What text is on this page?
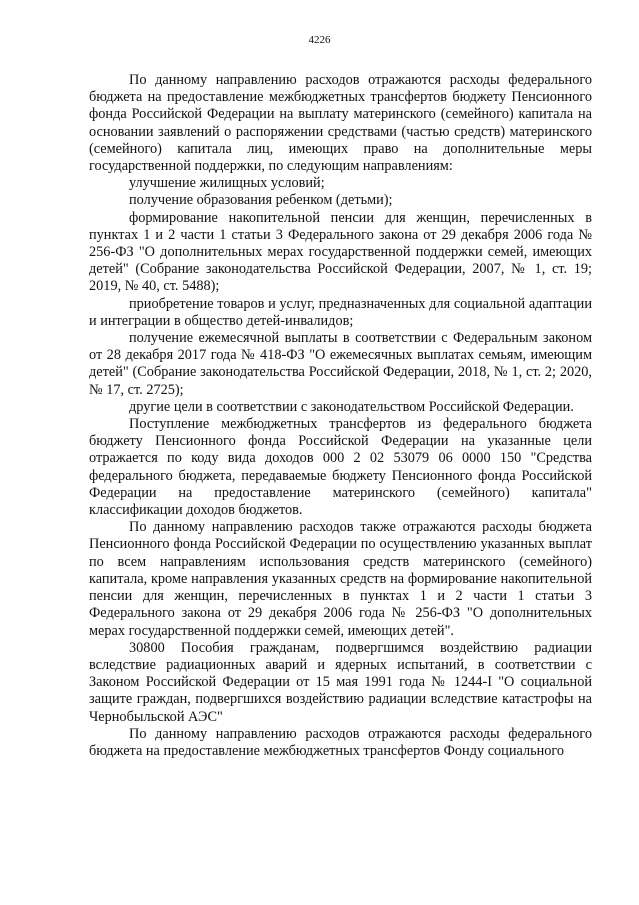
4226

По данному направлению расходов отражаются расходы федерального бюджета на предоставление межбюджетных трансфертов бюджету Пенсионного фонда Российской Федерации на выплату материнского (семейного) капитала на основании заявлений о распоряжении средствами (частью средств) материнского (семейного) капитала лиц, имеющих право на дополнительные меры государственной поддержки, по следующим направлениям:

улучшение жилищных условий;

получение образования ребенком (детьми);

формирование накопительной пенсии для женщин, перечисленных в пунктах 1 и 2 части 1 статьи 3 Федерального закона от 29 декабря 2006 года № 256-ФЗ "О дополнительных мерах государственной поддержки семей, имеющих детей" (Собрание законодательства Российской Федерации, 2007, № 1, ст. 19; 2019, № 40, ст. 5488);

приобретение товаров и услуг, предназначенных для социальной адаптации и интеграции в общество детей-инвалидов;

получение ежемесячной выплаты в соответствии с Федеральным законом от 28 декабря 2017 года № 418-ФЗ "О ежемесячных выплатах семьям, имеющим детей" (Собрание законодательства Российской Федерации, 2018, № 1, ст. 2; 2020, № 17, ст. 2725);

другие цели в соответствии с законодательством Российской Федерации.

Поступление межбюджетных трансфертов из федерального бюджета бюджету Пенсионного фонда Российской Федерации на указанные цели отражается по коду вида доходов 000 2 02 53079 06 0000 150 "Средства федерального бюджета, передаваемые бюджету Пенсионного фонда Российской Федерации на предоставление материнского (семейного) капитала" классификации доходов бюджетов.

По данному направлению расходов также отражаются расходы бюджета Пенсионного фонда Российской Федерации по осуществлению указанных выплат по всем направлениям использования средств материнского (семейного) капитала, кроме направления указанных средств на формирование накопительной пенсии для женщин, перечисленных в пунктах 1 и 2 части 1 статьи 3 Федерального закона от 29 декабря 2006 года № 256-ФЗ "О дополнительных мерах государственной поддержки семей, имеющих детей".

30800 Пособия гражданам, подвергшимся воздействию радиации вследствие радиационных аварий и ядерных испытаний, в соответствии с Законом Российской Федерации от 15 мая 1991 года № 1244-I "О социальной защите граждан, подвергшихся воздействию радиации вследствие катастрофы на Чернобыльской АЭС"

По данному направлению расходов отражаются расходы федерального бюджета на предоставление межбюджетных трансфертов Фонду социального
